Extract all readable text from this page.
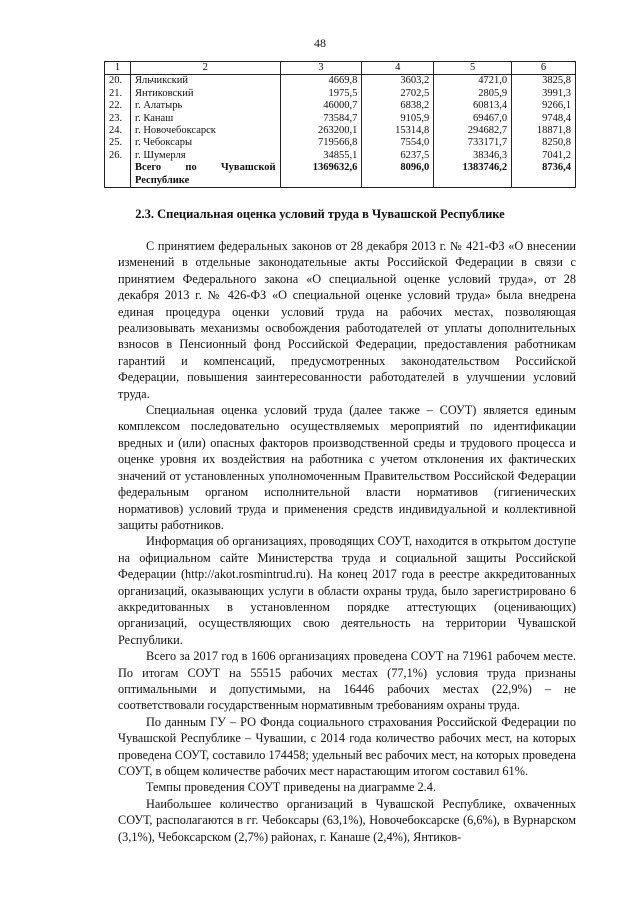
48
1	2	3	4	5	6
20.	Яльчикский	4669,8	3603,2	4721,0	3825,8
21.	Янтиковский	1975,5	2702,5	2805,9	3991,3
22.	г. Алатырь	46000,7	6838,2	60813,4	9266,1
23.	г. Канаш	73584,7	9105,9	69467,0	9748,4
24.	г. Новочебоксарск	263200,1	15314,8	294682,7	18871,8
25.	г. Чебоксары	719566,8	7554,0	733171,7	8250,8
26.	г. Шумерля	34855,1	6237,5	38346,3	7041,2
	Всего по Чувашской Республике	1369632,6	8096,0	1383746,2	8736,4
2.3. Специальная оценка условий труда в Чувашской Республике

С принятием федеральных законов от 28 декабря 2013 г. № 421-ФЗ «О внесении изменений в отдельные законодательные акты Российской Федерации в связи с принятием Федерального закона «О специальной оценке условий труда», от 28 декабря 2013 г. № 426-ФЗ «О специальной оценке условий труда» была внедрена единая процедура оценки условий труда на рабочих местах, позволяющая реализовывать механизмы освобождения работодателей от уплаты дополнительных взносов в Пенсионный фонд Российской Федерации, предоставления работникам гарантий и компенсаций, предусмотренных законодательством Российской Федерации, повышения заинтересованности работодателей в улучшении условий труда.

Специальная оценка условий труда (далее также – СОУТ) является единым комплексом последовательно осуществляемых мероприятий по идентификации вредных и (или) опасных факторов производственной среды и трудового процесса и оценке уровня их воздействия на работника с учетом отклонения их фактических значений от установленных уполномоченным Правительством Российской Федерации федеральным органом исполнительной власти нормативов (гигиенических нормативов) условий труда и применения средств индивидуальной и коллективной защиты работников.

Информация об организациях, проводящих СОУТ, находится в открытом доступе на официальном сайте Министерства труда и социальной защиты Российской Федерации (http://akot.rosmintrud.ru). На конец 2017 года в реестре аккредитованных организаций, оказывающих услуги в области охраны труда, было зарегистрировано 6 аккредитованных в установленном порядке аттестующих (оценивающих) организаций, осуществляющих свою деятельность на территории Чувашской Республики.

Всего за 2017 год в 1606 организациях проведена СОУТ на 71961 рабочем месте. По итогам СОУТ на 55515 рабочих местах (77,1%) условия труда признаны оптимальными и допустимыми, на 16446 рабочих местах (22,9%) – не соответствовали государственным нормативным требованиям охраны труда.

По данным ГУ – РО Фонда социального страхования Российской Федерации по Чувашской Республике – Чувашии, с 2014 года количество рабочих мест, на которых проведена СОУТ, составило 174458; удельный вес рабочих мест, на которых проведена СОУТ, в общем количестве рабочих мест нарастающим итогом составил 61%.

Темпы проведения СОУТ приведены на диаграмме 2.4.

Наибольшее количество организаций в Чувашской Республике, охваченных СОУТ, располагаются в гг. Чебоксары (63,1%), Новочебоксарске (6,6%), в Вурнарском (3,1%), Чебоксарском (2,7%) районах, г. Канаше (2,4%), Янтиков-
